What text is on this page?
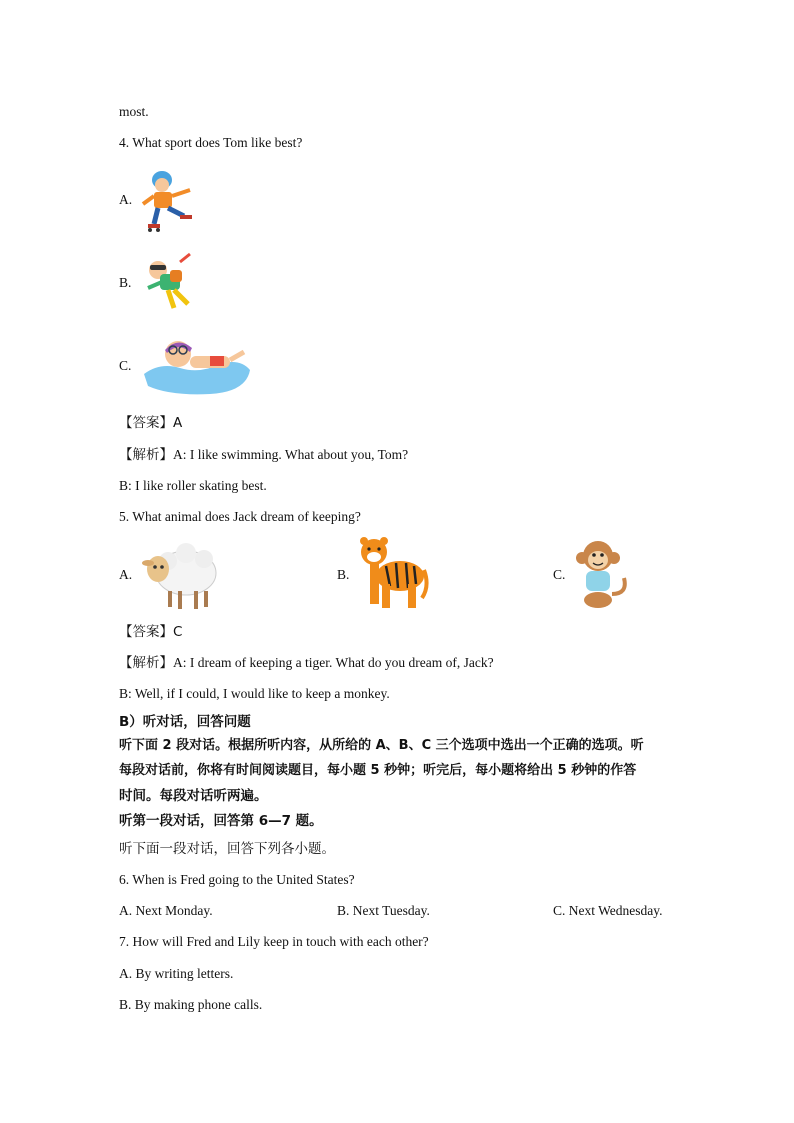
most.
4. What sport does Tom like best?
A.
B.
C.
【答案】A
【解析】A: I like swimming. What about you, Tom?
B: I like roller skating best.
5. What animal does Jack dream of keeping?
A.	B.	C.
【答案】C
【解析】A: I dream of keeping a tiger. What do you dream of, Jack?
B: Well, if I could, I would like to keep a monkey.
B）听对话，回答问题
听下面 2 段对话。根据所听内容，从所给的 A、B、C 三个选项中选出一个正确的选项。听
每段对话前，你将有时间阅读题目，每小题 5 秒钟；听完后，每小题将给出 5 秒钟的作答
时间。每段对话听两遍。
听第一段对话，回答第 6—7 题。
听下面一段对话，回答下列各小题。
6. When is Fred going to the United States?
A. Next Monday.	B. Next Tuesday.	C. Next Wednesday.
7. How will Fred and Lily keep in touch with each other?
A. By writing letters.
B. By making phone calls.
